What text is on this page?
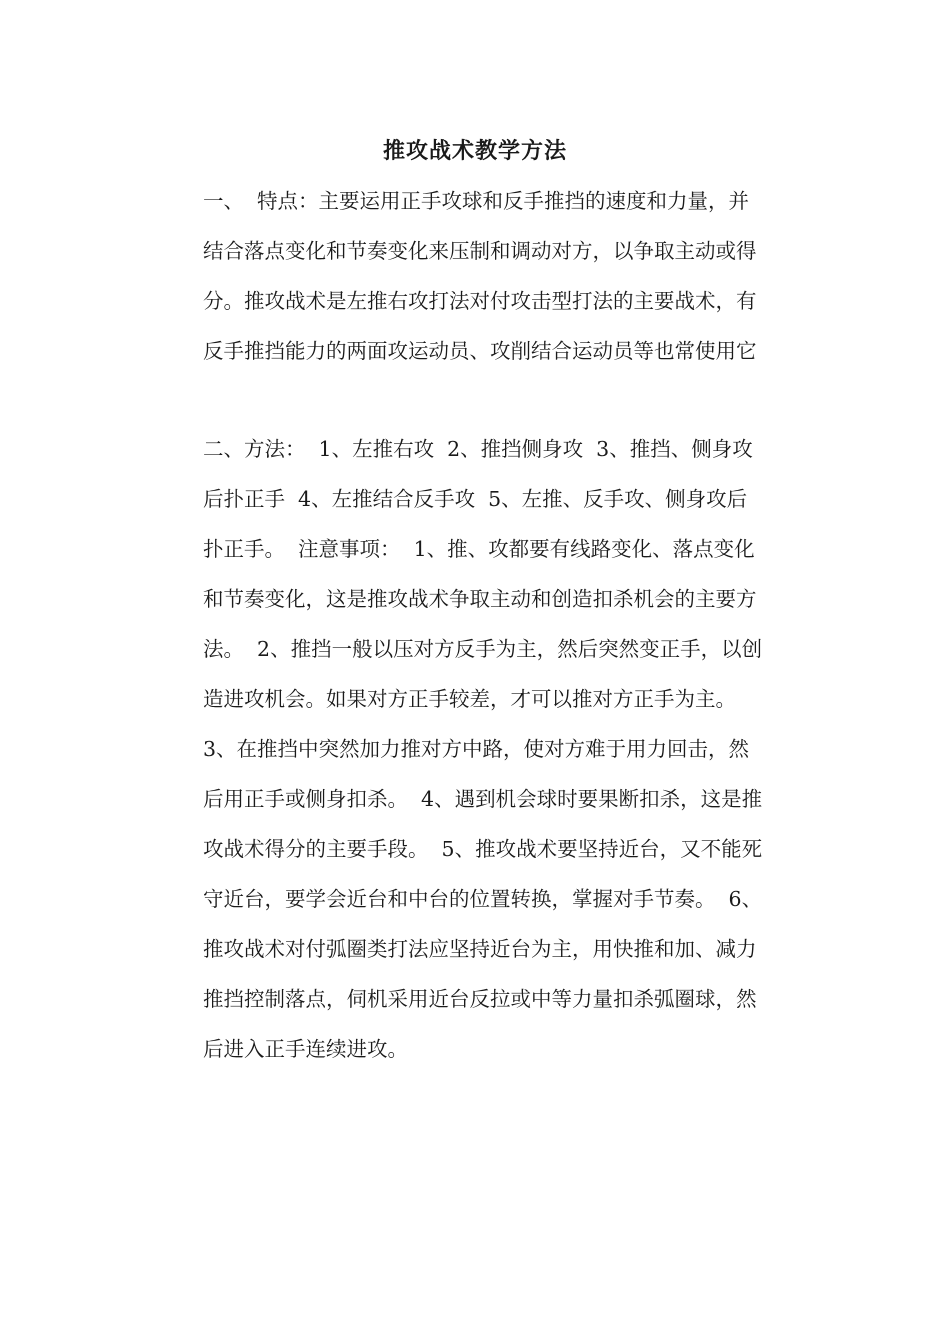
推攻战术教学方法
一、  特点：主要运用正手攻球和反手推挡的速度和力量，并
结合落点变化和节奏变化来压制和调动对方，以争取主动或得
分。推攻战术是左推右攻打法对付攻击型打法的主要战术，有
反手推挡能力的两面攻运动员、攻削结合运动员等也常使用它
二、方法：  1、左推右攻  2、推挡侧身攻  3、推挡、侧身攻
后扑正手  4、左推结合反手攻  5、左推、反手攻、侧身攻后
扑正手。  注意事项：  1、推、攻都要有线路变化、落点变化
和节奏变化，这是推攻战术争取主动和创造扣杀机会的主要方
法。  2、推挡一般以压对方反手为主，然后突然变正手，以创
造进攻机会。如果对方正手较差，才可以推对方正手为主。
3、在推挡中突然加力推对方中路，使对方难于用力回击，然
后用正手或侧身扣杀。  4、遇到机会球时要果断扣杀，这是推
攻战术得分的主要手段。  5、推攻战术要坚持近台，又不能死
守近台，要学会近台和中台的位置转换，掌握对手节奏。  6、
推攻战术对付弧圈类打法应坚持近台为主，用快推和加、减力
推挡控制落点，伺机采用近台反拉或中等力量扣杀弧圈球，然
后进入正手连续进攻。
